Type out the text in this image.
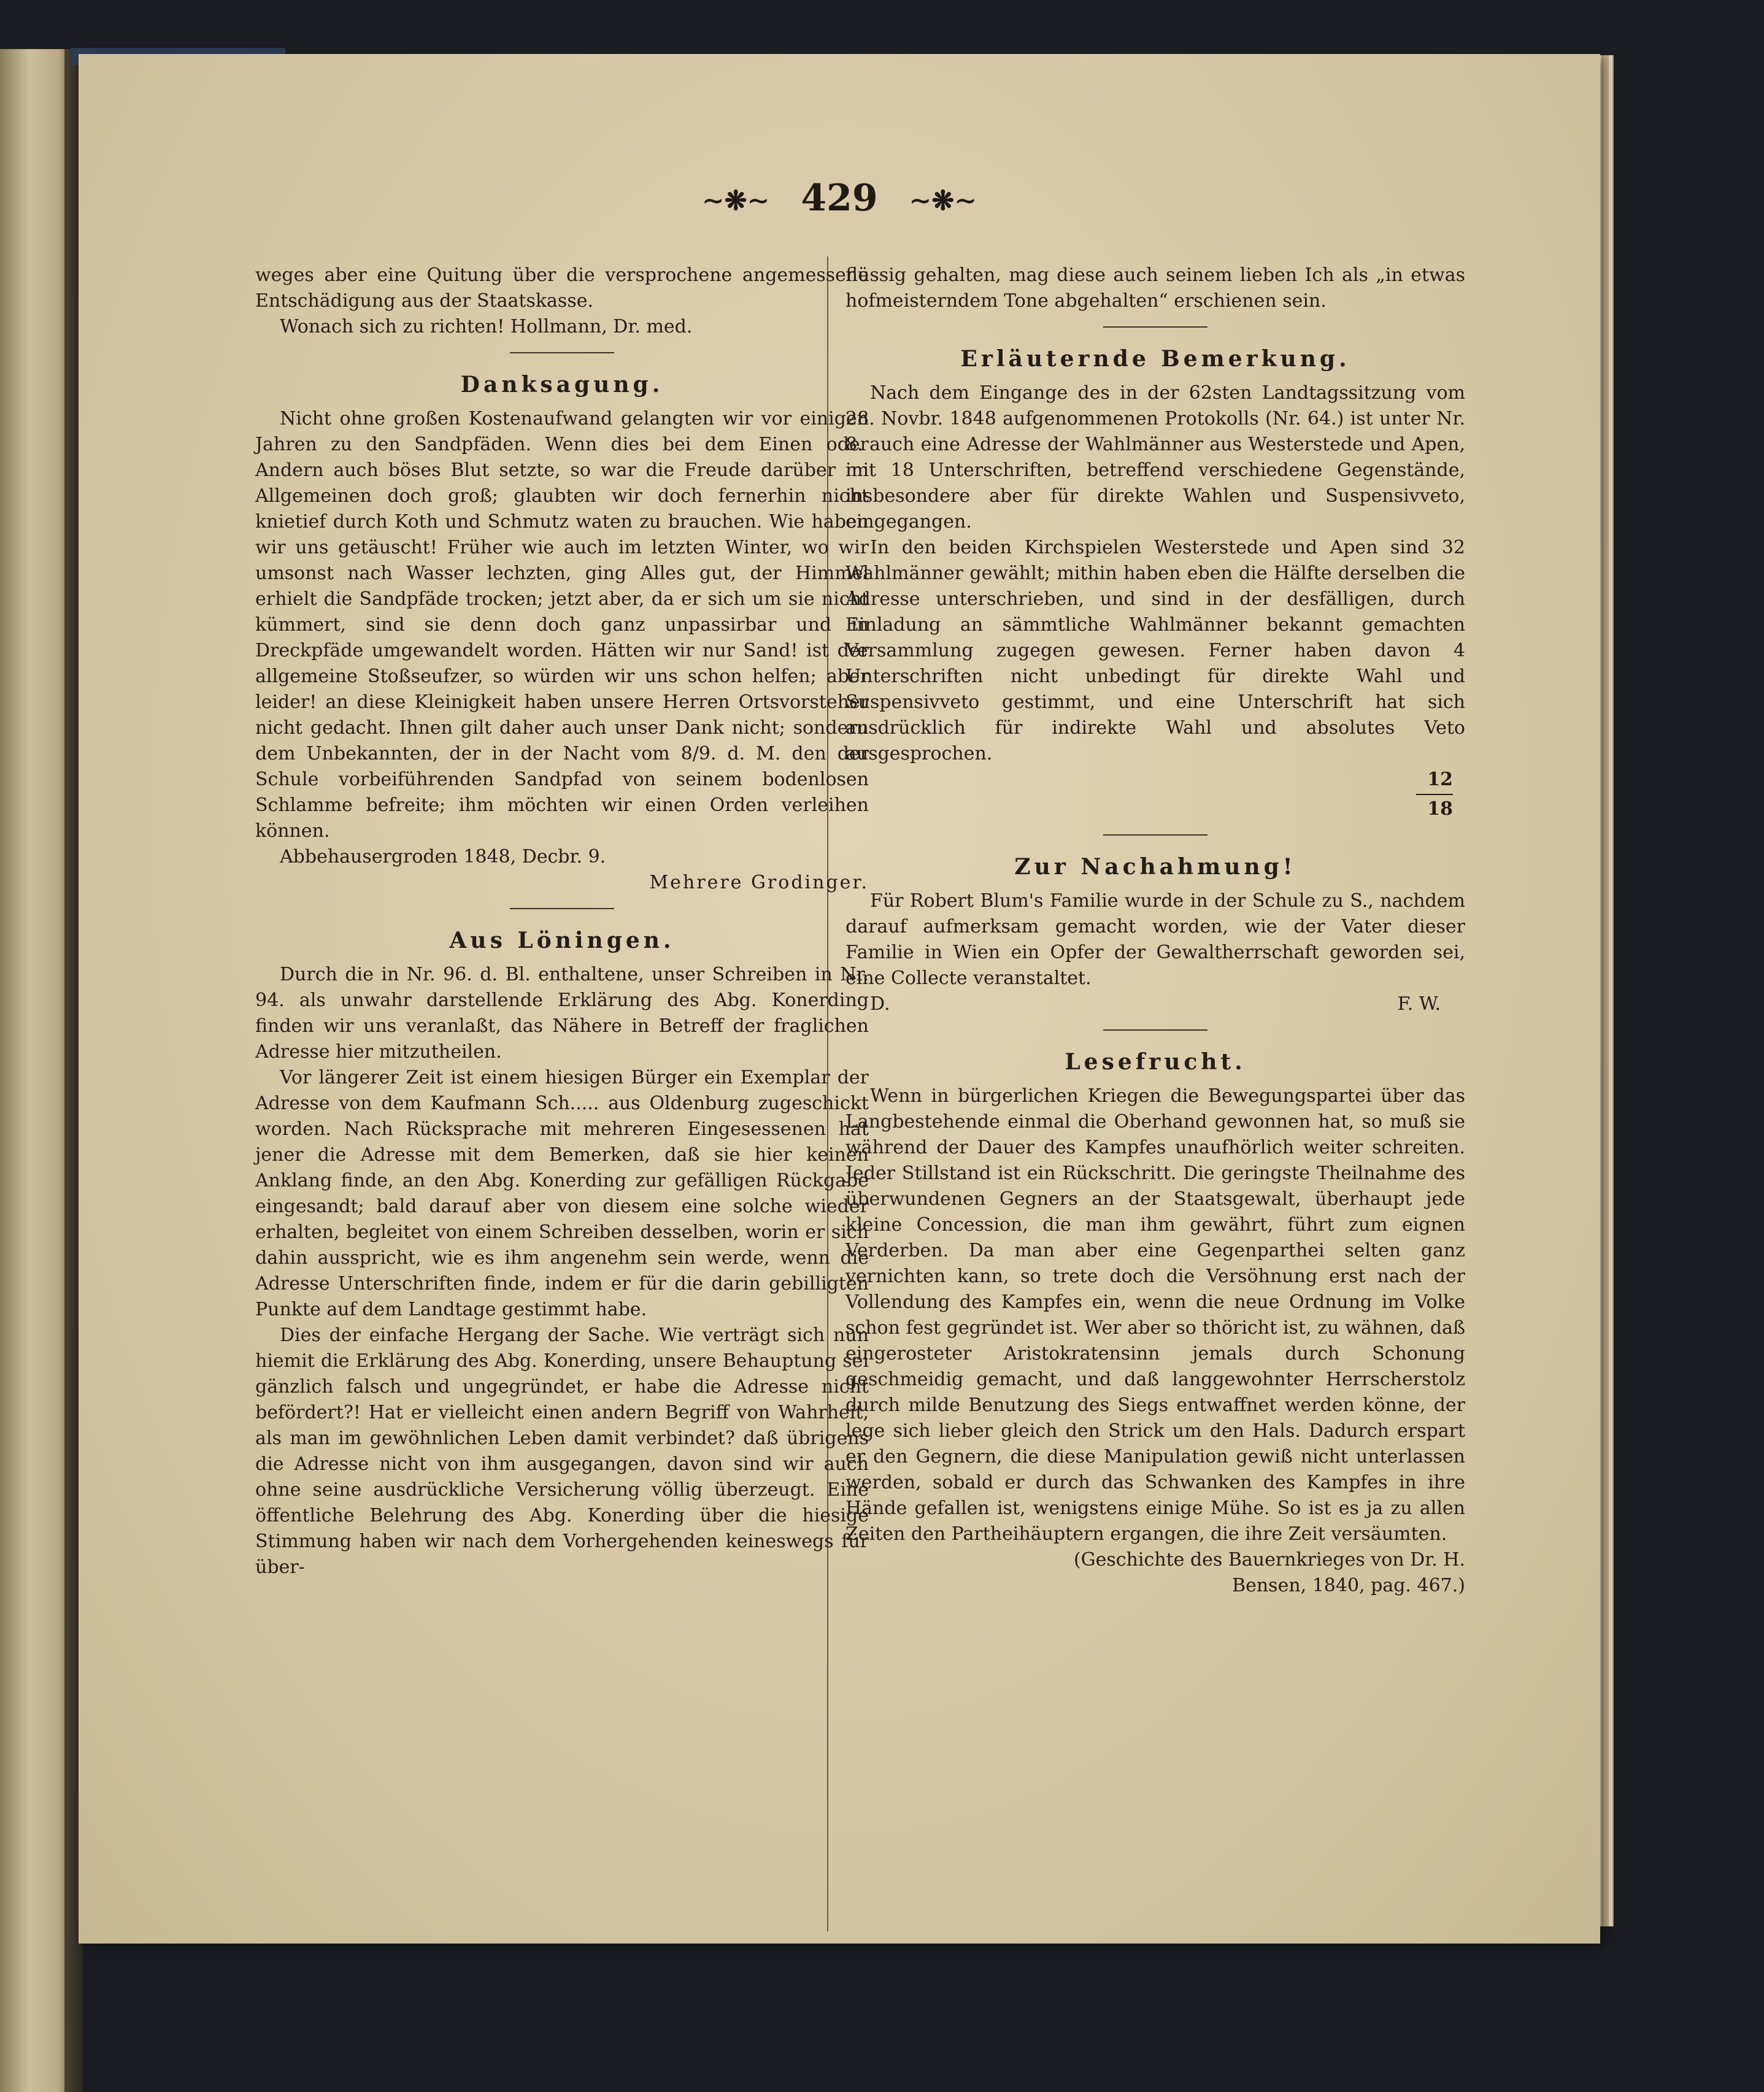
∼❋∼ 429 ∼❋∼

weges aber eine Quitung über die versprochene angemessene Entschädigung aus der Staatskasse.

Wonach sich zu richten! Hollmann, Dr. med.

Danksagung.

Nicht ohne großen Kostenaufwand gelangten wir vor einigen Jahren zu den Sandpfäden. Wenn dies bei dem Einen oder Andern auch böses Blut setzte, so war die Freude darüber im Allgemeinen doch groß; glaubten wir doch fernerhin nicht knietief durch Koth und Schmutz waten zu brauchen. Wie haben wir uns getäuscht! Früher wie auch im letzten Winter, wo wir umsonst nach Wasser lechzten, ging Alles gut, der Himmel erhielt die Sandpfäde trocken; jetzt aber, da er sich um sie nicht kümmert, sind sie denn doch ganz unpassirbar und in Dreckpfäde umgewandelt worden. Hätten wir nur Sand! ist der allgemeine Stoßseufzer, so würden wir uns schon helfen; aber leider! an diese Kleinigkeit haben unsere Herren Ortsvorsteher nicht gedacht. Ihnen gilt daher auch unser Dank nicht; sondern dem Unbekannten, der in der Nacht vom 8/9. d. M. den der Schule vorbeiführenden Sandpfad von seinem bodenlosen Schlamme befreite; ihm möchten wir einen Orden verleihen können.

Abbehausergroden 1848, Decbr. 9.

Mehrere Grodinger.
Aus Löningen.

Durch die in Nr. 96. d. Bl. enthaltene, unser Schreiben in Nr. 94. als unwahr darstellende Erklärung des Abg. Konerding finden wir uns veranlaßt, das Nähere in Betreff der fraglichen Adresse hier mitzutheilen.

Vor längerer Zeit ist einem hiesigen Bürger ein Exemplar der Adresse von dem Kaufmann Sch..... aus Oldenburg zugeschickt worden. Nach Rücksprache mit mehreren Eingesessenen hat jener die Adresse mit dem Bemerken, daß sie hier keinen Anklang finde, an den Abg. Konerding zur gefälligen Rückgabe eingesandt; bald darauf aber von diesem eine solche wieder erhalten, begleitet von einem Schreiben desselben, worin er sich dahin ausspricht, wie es ihm angenehm sein werde, wenn die Adresse Unterschriften finde, indem er für die darin gebilligten Punkte auf dem Landtage gestimmt habe.

Dies der einfache Hergang der Sache. Wie verträgt sich nun hiemit die Erklärung des Abg. Konerding, unsere Behauptung sei gänzlich falsch und ungegründet, er habe die Adresse nicht befördert?! Hat er vielleicht einen andern Begriff von Wahrheit, als man im gewöhnlichen Leben damit verbindet? daß übrigens die Adresse nicht von ihm ausgegangen, davon sind wir auch ohne seine ausdrückliche Versicherung völlig überzeugt. Eine öffentliche Belehrung des Abg. Konerding über die hiesige Stimmung haben wir nach dem Vorhergehenden keineswegs für über-

flüssig gehalten, mag diese auch seinem lieben Ich als „in etwas hofmeisterndem Tone abgehalten“ erschienen sein.

Erläuternde Bemerkung.

Nach dem Eingange des in der 62sten Landtagssitzung vom 28. Novbr. 1848 aufgenommenen Protokolls (Nr. 64.) ist unter Nr. 8. auch eine Adresse der Wahlmänner aus Westerstede und Apen, mit 18 Unterschriften, betreffend verschiedene Gegenstände, insbesondere aber für direkte Wahlen und Suspensivveto, eingegangen.

In den beiden Kirchspielen Westerstede und Apen sind 32 Wahlmänner gewählt; mithin haben eben die Hälfte derselben die Adresse unterschrieben, und sind in der desfälligen, durch Einladung an sämmtliche Wahlmänner bekannt gemachten Versammlung zugegen gewesen. Ferner haben davon 4 Unterschriften nicht unbedingt für direkte Wahl und Suspensivveto gestimmt, und eine Unterschrift hat sich ausdrücklich für indirekte Wahl und absolutes Veto ausgesprochen.

12
18
Zur Nachahmung!

Für Robert Blum's Familie wurde in der Schule zu S., nachdem darauf aufmerksam gemacht worden, wie der Vater dieser Familie in Wien ein Opfer der Gewaltherrschaft geworden sei, eine Collecte veranstaltet.

D.	F. W.
Lesefrucht.

Wenn in bürgerlichen Kriegen die Bewegungspartei über das Langbestehende einmal die Oberhand gewonnen hat, so muß sie während der Dauer des Kampfes unaufhörlich weiter schreiten. Jeder Stillstand ist ein Rückschritt. Die geringste Theilnahme des überwundenen Gegners an der Staatsgewalt, überhaupt jede kleine Concession, die man ihm gewährt, führt zum eignen Verderben. Da man aber eine Gegenparthei selten ganz vernichten kann, so trete doch die Versöhnung erst nach der Vollendung des Kampfes ein, wenn die neue Ordnung im Volke schon fest gegründet ist. Wer aber so thöricht ist, zu wähnen, daß eingerosteter Aristokratensinn jemals durch Schonung geschmeidig gemacht, und daß langgewohnter Herrscherstolz durch milde Benutzung des Siegs entwaffnet werden könne, der lege sich lieber gleich den Strick um den Hals. Dadurch erspart er den Gegnern, die diese Manipulation gewiß nicht unterlassen werden, sobald er durch das Schwanken des Kampfes in ihre Hände gefallen ist, wenigstens einige Mühe. So ist es ja zu allen Zeiten den Partheihäuptern ergangen, die ihre Zeit versäumten.

(Geschichte des Bauernkrieges von Dr. H.
Bensen, 1840, pag. 467.)
